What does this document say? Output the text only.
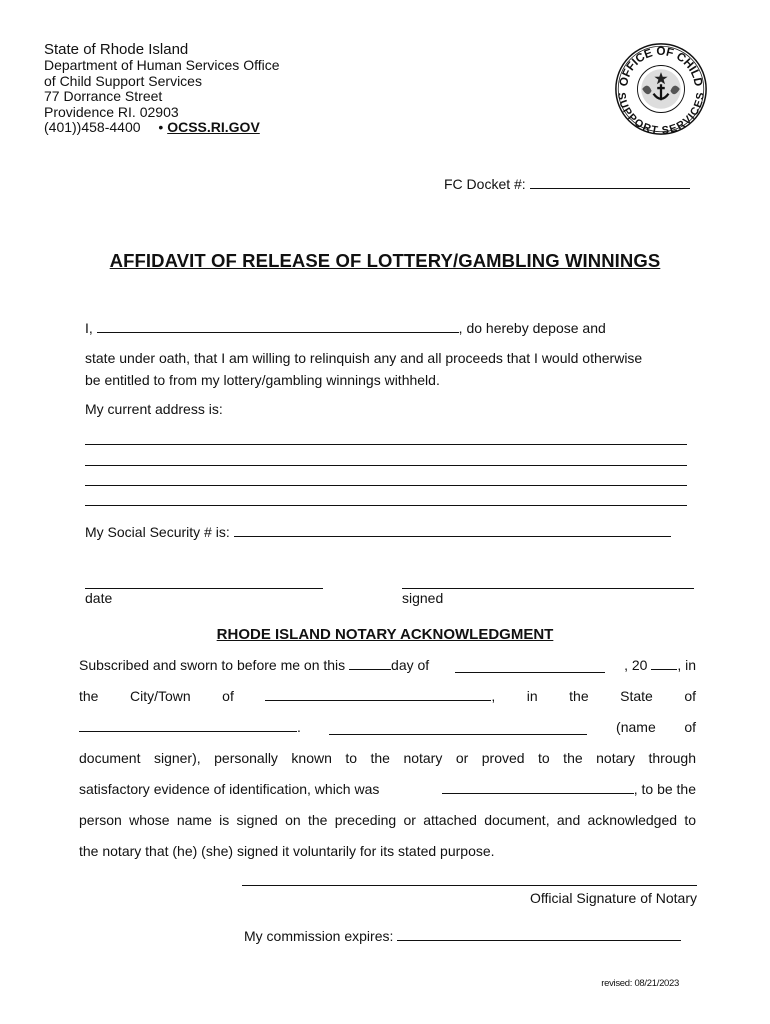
State of Rhode Island
Department of Human Services Office
of Child Support Services
77 Dorrance Street
Providence RI. 02903
(401))458-4400 • OCSS.RI.GOV
OFFICE OF CHILD
SUPPORT SERVICES
FC Docket #:
AFFIDAVIT OF RELEASE OF LOTTERY/GAMBLING WINNINGS
I,	, do hereby depose and
state under oath, that I am willing to relinquish any and all proceeds that I would otherwise
be entitled to from my lottery/gambling winnings withheld.
My current address is:
My Social Security # is:
date	signed
RHODE ISLAND NOTARY ACKNOWLEDGMENT
Subscribed and sworn to before me on this	day of	, 20 , in
the City/Town of	, in the State of
.	(name of
document signer), personally known to the notary or proved to the notary through
satisfactory evidence of identification, which was	, to be the
person whose name is signed on the preceding or attached document, and acknowledged to
the notary that (he) (she) signed it voluntarily for its stated purpose.
Official Signature of Notary
My commission expires:
revised: 08/21/2023
